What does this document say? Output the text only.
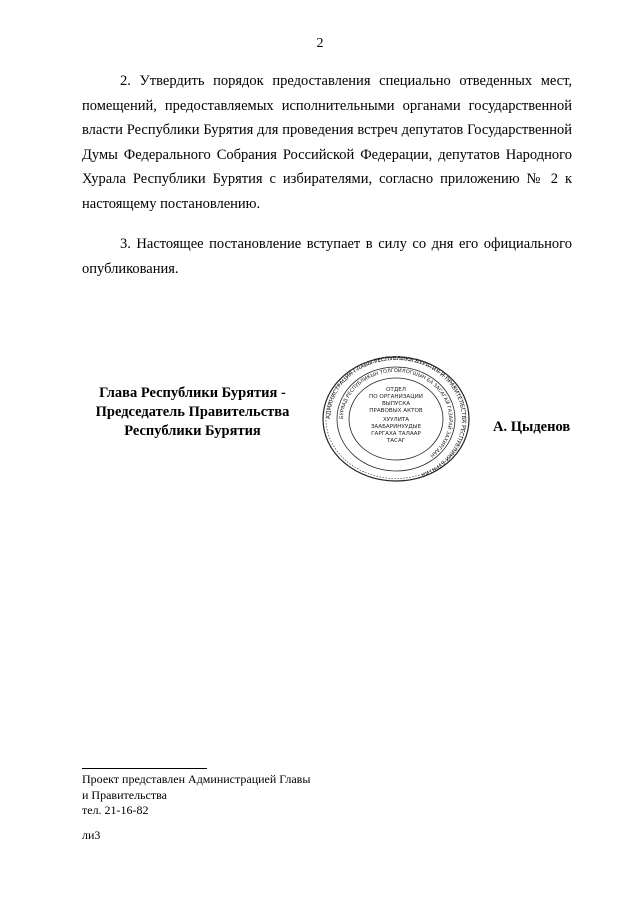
2

2. Утвердить порядок предоставления специально отведенных мест, помещений, предоставляемых исполнительными органами государственной власти Республики Бурятия для проведения встреч депутатов Государственной Думы Федерального Собрания Российской Федерации, депутатов Народного Хурала Республики Бурятия с избирателями, согласно приложению № 2 к настоящему постановлению.

3. Настоящее постановление вступает в силу со дня его официального опубликования.

Глава Республики Бурятия -
Председатель Правительства
Республики Бурятия
АДМИНИСТРАЦИЯ ГЛАВЫ РЕСПУБЛИКИ БУРЯТИЯ И ПРАВИТЕЛЬСТВА РЕСПУБЛИКИ БУРЯТИЯ
БУРЯАД РЕСПУБЛИКЫН ТОЛГОЙЛОГШЫН БА ЗАСАГАЙ ГАЗАРАЙ ЗАХИРГААН
ОТДЕЛ
ПО ОРГАНИЗАЦИИ
ВЫПУСКА
ПРАВОВЫХ АКТОВ
ХУУЛИТА
ЗААБАРИНУУДЫЕ
ГАРГАХА ТАЛААР
ТАСАГ
А. Цыденов
Проект представлен Администрацией Главы
и Правительства
тел. 21-16-82
ли3
